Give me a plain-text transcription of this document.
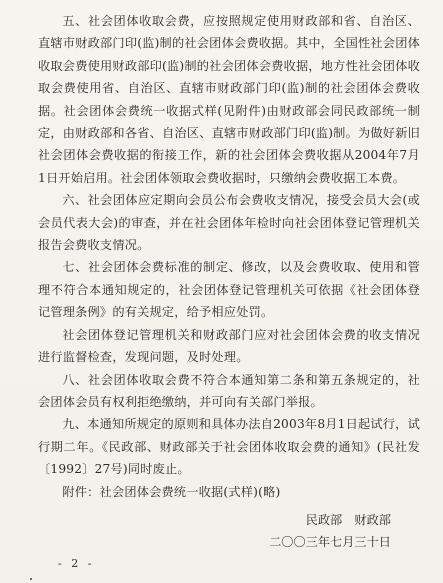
五、社会团体收取会费，应按照规定使用财政部和省、自治区、直辖市财政部门印(监)制的社会团体会费收据。其中，全国性社会团体收取会费使用财政部印(监)制的社会团体会费收据，地方性社会团体收取会费使用省、自治区、直辖市财政部门印(监)制的社会团体会费收据。社会团体会费统一收据式样(见附件)由财政部会同民政部统一制定，由财政部和各省、自治区、直辖市财政部门印(监)制。为做好新旧社会团体会费收据的衔接工作，新的社会团体会费收据从2004年7月1日开始启用。社会团体领取会费收据时，只缴纳会费收据工本费。

六、社会团体应定期向会员公布会费收支情况，接受会员大会(或会员代表大会)的审查，并在社会团体年检时向社会团体登记管理机关报告会费收支情况。

七、社会团体会费标准的制定、修改，以及会费收取、使用和管理不符合本通知规定的，社会团体登记管理机关可依据《社会团体登记管理条例》的有关规定，给予相应处罚。

社会团体登记管理机关和财政部门应对社会团体会费的收支情况进行监督检查，发现问题，及时处理。

八、社会团体收取会费不符合本通知第二条和第五条规定的，社会团体会员有权利拒绝缴纳，并可向有关部门举报。

九、本通知所规定的原则和具体办法自2003年8月1日起试行，试行期二年。《民政部、财政部关于社会团体收取会费的通知》(民社发〔1992〕27号)同时废止。

附件：社会团体会费统一收据(式样)(略)

民政部　财政部
二〇〇三年七月三十日
- 2 -
